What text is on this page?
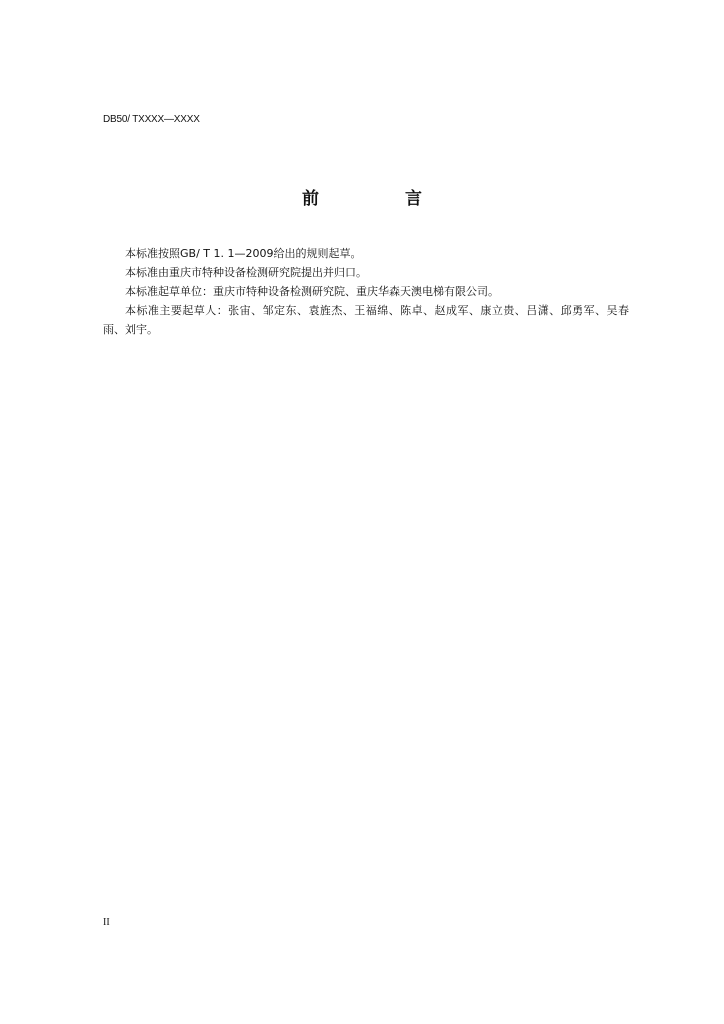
DB50/ TXXXX—XXXX
前 言

本标准按照GB/ T 1. 1—2009给出的规则起草。

本标准由重庆市特种设备检测研究院提出并归口。

本标准起草单位：重庆市特种设备检测研究院、重庆华森天澳电梯有限公司。

本标准主要起草人：张宙、邹定东、袁旌杰、王福绵、陈卓、赵成军、康立贵、吕潇、邱勇军、吴春雨、刘宇。

II
